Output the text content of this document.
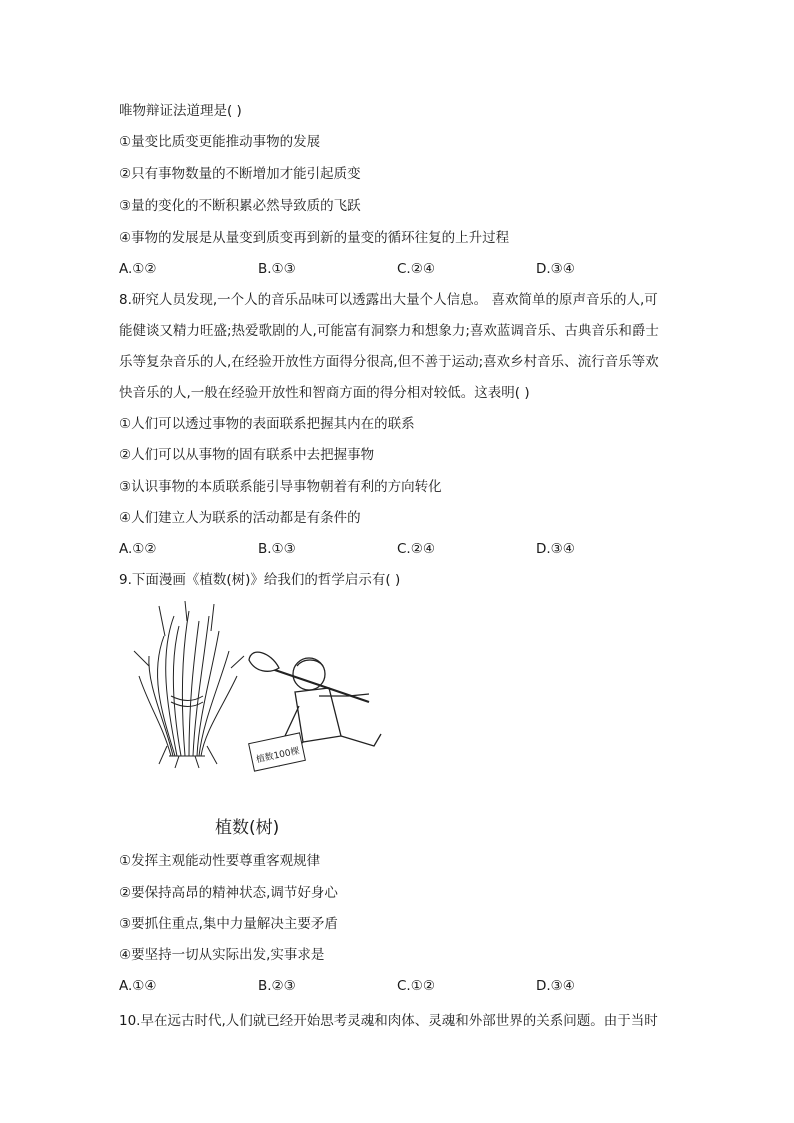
唯物辩证法道理是( )
①量变比质变更能推动事物的发展
②只有事物数量的不断增加才能引起质变
③量的变化的不断积累必然导致质的飞跃
④事物的发展是从量变到质变再到新的量变的循环往复的上升过程
A.①②	B.①③	C.②④	D.③④
8.研究人员发现,一个人的音乐品味可以透露出大量个人信息。 喜欢简单的原声音乐的人,可
能健谈又精力旺盛;热爱歌剧的人,可能富有洞察力和想象力;喜欢蓝调音乐、古典音乐和爵士
乐等复杂音乐的人,在经验开放性方面得分很高,但不善于运动;喜欢乡村音乐、流行音乐等欢
快音乐的人,一般在经验开放性和智商方面的得分相对较低。这表明( )
①人们可以透过事物的表面联系把握其内在的联系
②人们可以从事物的固有联系中去把握事物
③认识事物的本质联系能引导事物朝着有利的方向转化
④人们建立人为联系的活动都是有条件的
A.①②	B.①③	C.②④	D.③④
9.下面漫画《植数(树)》给我们的哲学启示有( )
植数100棵
植数(树)
①发挥主观能动性要尊重客观规律
②要保持高昂的精神状态,调节好身心
③要抓住重点,集中力量解决主要矛盾
④要坚持一切从实际出发,实事求是
A.①④	B.②③	C.①②	D.③④
10.早在远古时代,人们就已经开始思考灵魂和肉体、灵魂和外部世界的关系问题。由于当时
